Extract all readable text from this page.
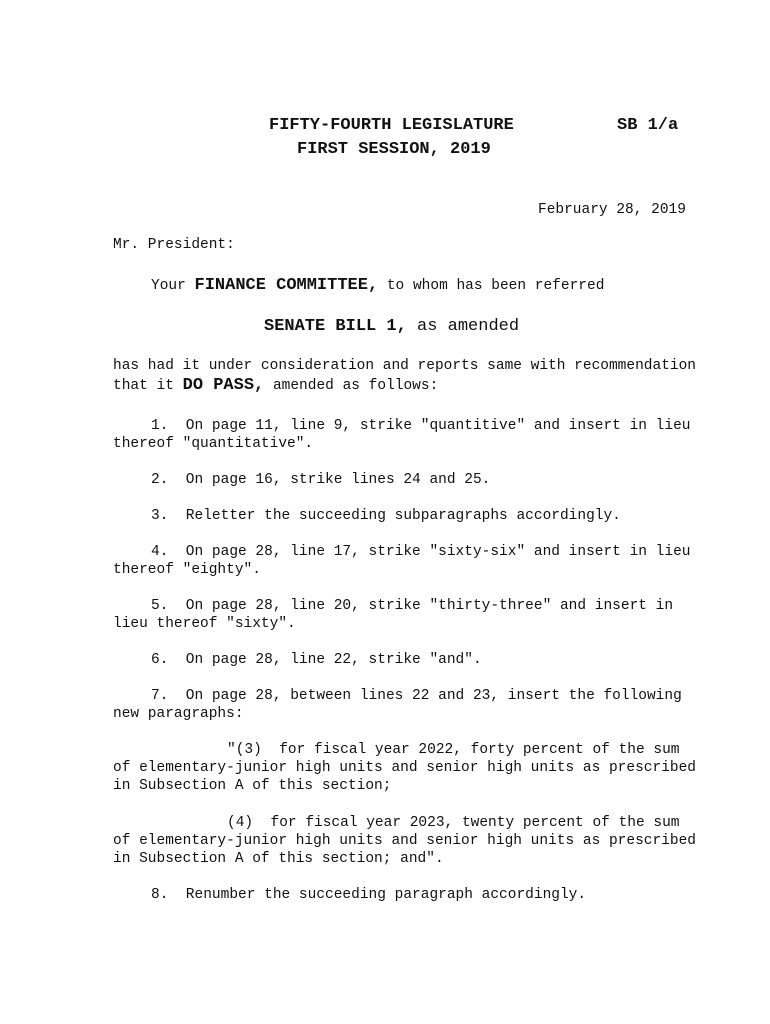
FIFTY-FOURTH LEGISLATURE	SB 1/a
FIRST SESSION, 2019
February 28, 2019
Mr. President:
Your FINANCE COMMITTEE, to whom has been referred
SENATE BILL 1, as amended
has had it under consideration and reports same with recommendation
that it DO PASS, amended as follows:
1.  On page 11, line 9, strike "quantitive" and insert in lieu
thereof "quantitative".
2.  On page 16, strike lines 24 and 25.
3.  Reletter the succeeding subparagraphs accordingly.
4.  On page 28, line 17, strike "sixty-six" and insert in lieu
thereof "eighty".
5.  On page 28, line 20, strike "thirty-three" and insert in
lieu thereof "sixty".
6.  On page 28, line 22, strike "and".
7.  On page 28, between lines 22 and 23, insert the following
new paragraphs:
"(3)  for fiscal year 2022, forty percent of the sum
of elementary-junior high units and senior high units as prescribed
in Subsection A of this section;
(4)  for fiscal year 2023, twenty percent of the sum
of elementary-junior high units and senior high units as prescribed
in Subsection A of this section; and".
8.  Renumber the succeeding paragraph accordingly.
